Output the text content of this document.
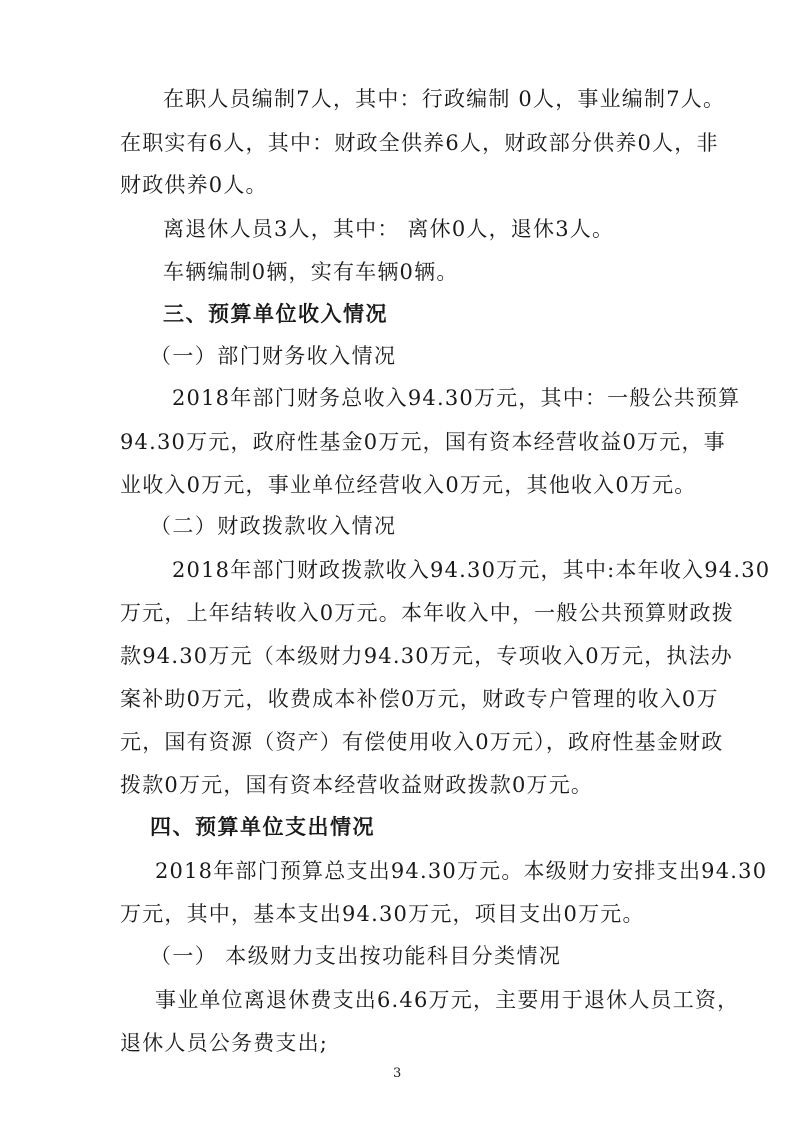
在职人员编制7人，其中：行政编制 0人，事业编制7人。
在职实有6人，其中：财政全供养6人，财政部分供养0人，非
财政供养0人。
离退休人员3人，其中： 离休0人，退休3人。
车辆编制0辆，实有车辆0辆。
三、预算单位收入情况
（一）部门财务收入情况
2018年部门财务总收入94.30万元，其中：一般公共预算
94.30万元，政府性基金0万元，国有资本经营收益0万元，事
业收入0万元，事业单位经营收入0万元，其他收入0万元。
（二）财政拨款收入情况
2018年部门财政拨款收入94.30万元，其中:本年收入94.30
万元，上年结转收入0万元。本年收入中，一般公共预算财政拨
款94.30万元（本级财力94.30万元，专项收入0万元，执法办
案补助0万元，收费成本补偿0万元，财政专户管理的收入0万
元，国有资源（资产）有偿使用收入0万元），政府性基金财政
拨款0万元，国有资本经营收益财政拨款0万元。
四、预算单位支出情况
2018年部门预算总支出94.30万元。本级财力安排支出94.30
万元，其中，基本支出94.30万元，项目支出0万元。
（一） 本级财力支出按功能科目分类情况
事业单位离退休费支出6.46万元，主要用于退休人员工资，
退休人员公务费支出;
3
